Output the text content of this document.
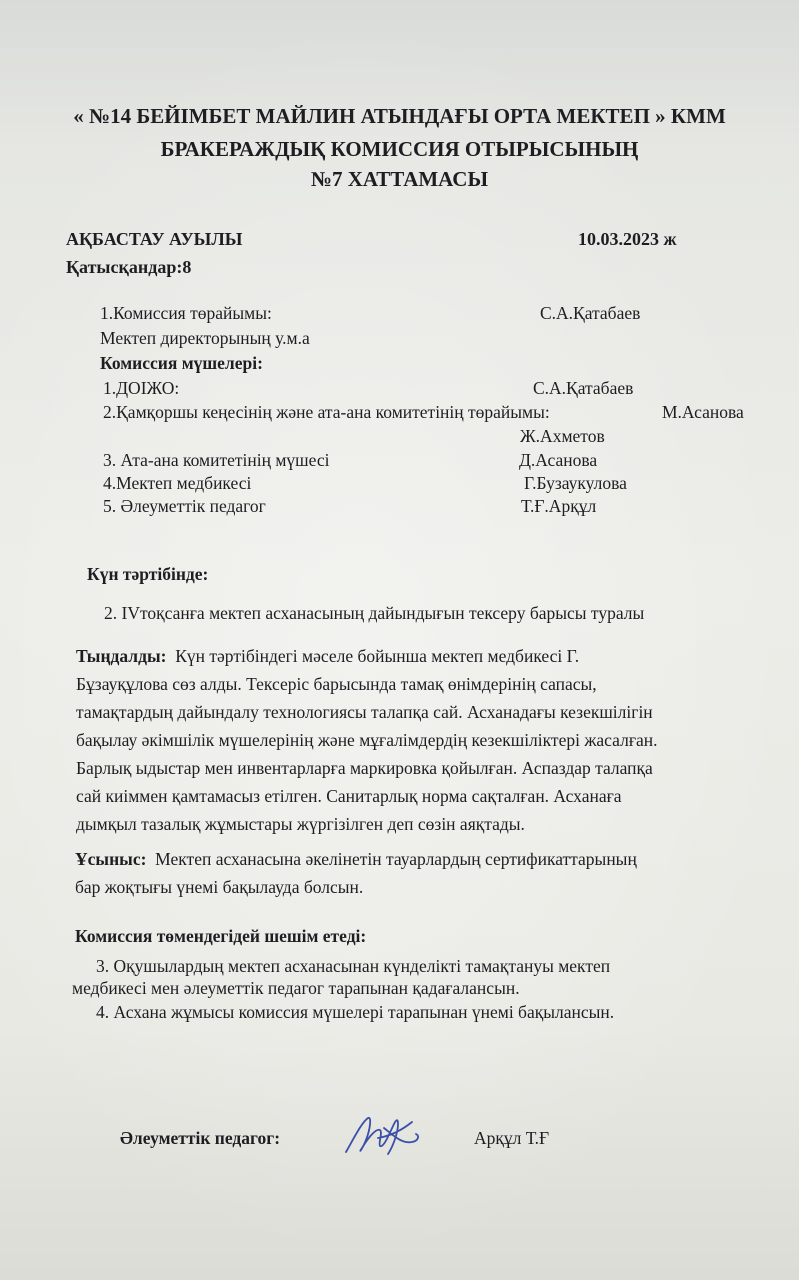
« №14 БЕЙІМБЕТ МАЙЛИН АТЫНДАҒЫ ОРТА МЕКТЕП » КММ
БРАКЕРАЖДЫҚ КОМИССИЯ ОТЫРЫСЫНЫҢ
№7 ХАТТАМАСЫ
АҚБАСТАУ АУЫЛЫ	10.03.2023 ж
Қатысқандар:8
1.Комиссия төрайымы:	С.А.Қатабаев
Мектеп директорының у.м.а
Комиссия мүшелері:
1.ДОІЖО:	С.А.Қатабаев
2.Қамқоршы кеңесінің және ата-ана комитетінің төрайымы:	М.Асанова
Ж.Ахметов
3. Ата-ана комитетінің мүшесі	Д.Асанова
4.Мектеп медбикесі	Г.Бузаукулова
5. Әлеуметтік педагог	Т.Ғ.Арқұл
Күн тәртібінде:
2. ІVтоқсанға мектеп асханасының дайындығын тексеру барысы туралы
Тыңдалды: Күн тәртібіндегі мәселе бойынша мектеп медбикесі Г.
Бұзауқұлова сөз алды. Тексеріс барысында тамақ өнімдерінің сапасы,
тамақтардың дайындалу технологиясы талапқа сай. Асханадағы кезекшілігін
бақылау әкімшілік мүшелерінің және мұғалімдердің кезекшіліктері жасалған.
Барлық ыдыстар мен инвентарларға маркировка қойылған. Аспаздар талапқа
сай киіммен қамтамасыз етілген. Санитарлық норма сақталған. Асханаға
дымқыл тазалық жұмыстары жүргізілген деп сөзін аяқтады.
Ұсыныс: Мектеп асханасына әкелінетін тауарлардың сертификаттарының
бар жоқтығы үнемі бақылауда болсын.
Комиссия төмендегідей шешім етеді:
3. Оқушылардың мектеп асханасынан күнделікті тамақтануы мектеп
медбикесі мен әлеуметтік педагог тарапынан қадағалансын.
4. Асхана жұмысы комиссия мүшелері тарапынан үнемі бақылансын.
Әлеуметтік педагог:	Арқұл Т.Ғ
